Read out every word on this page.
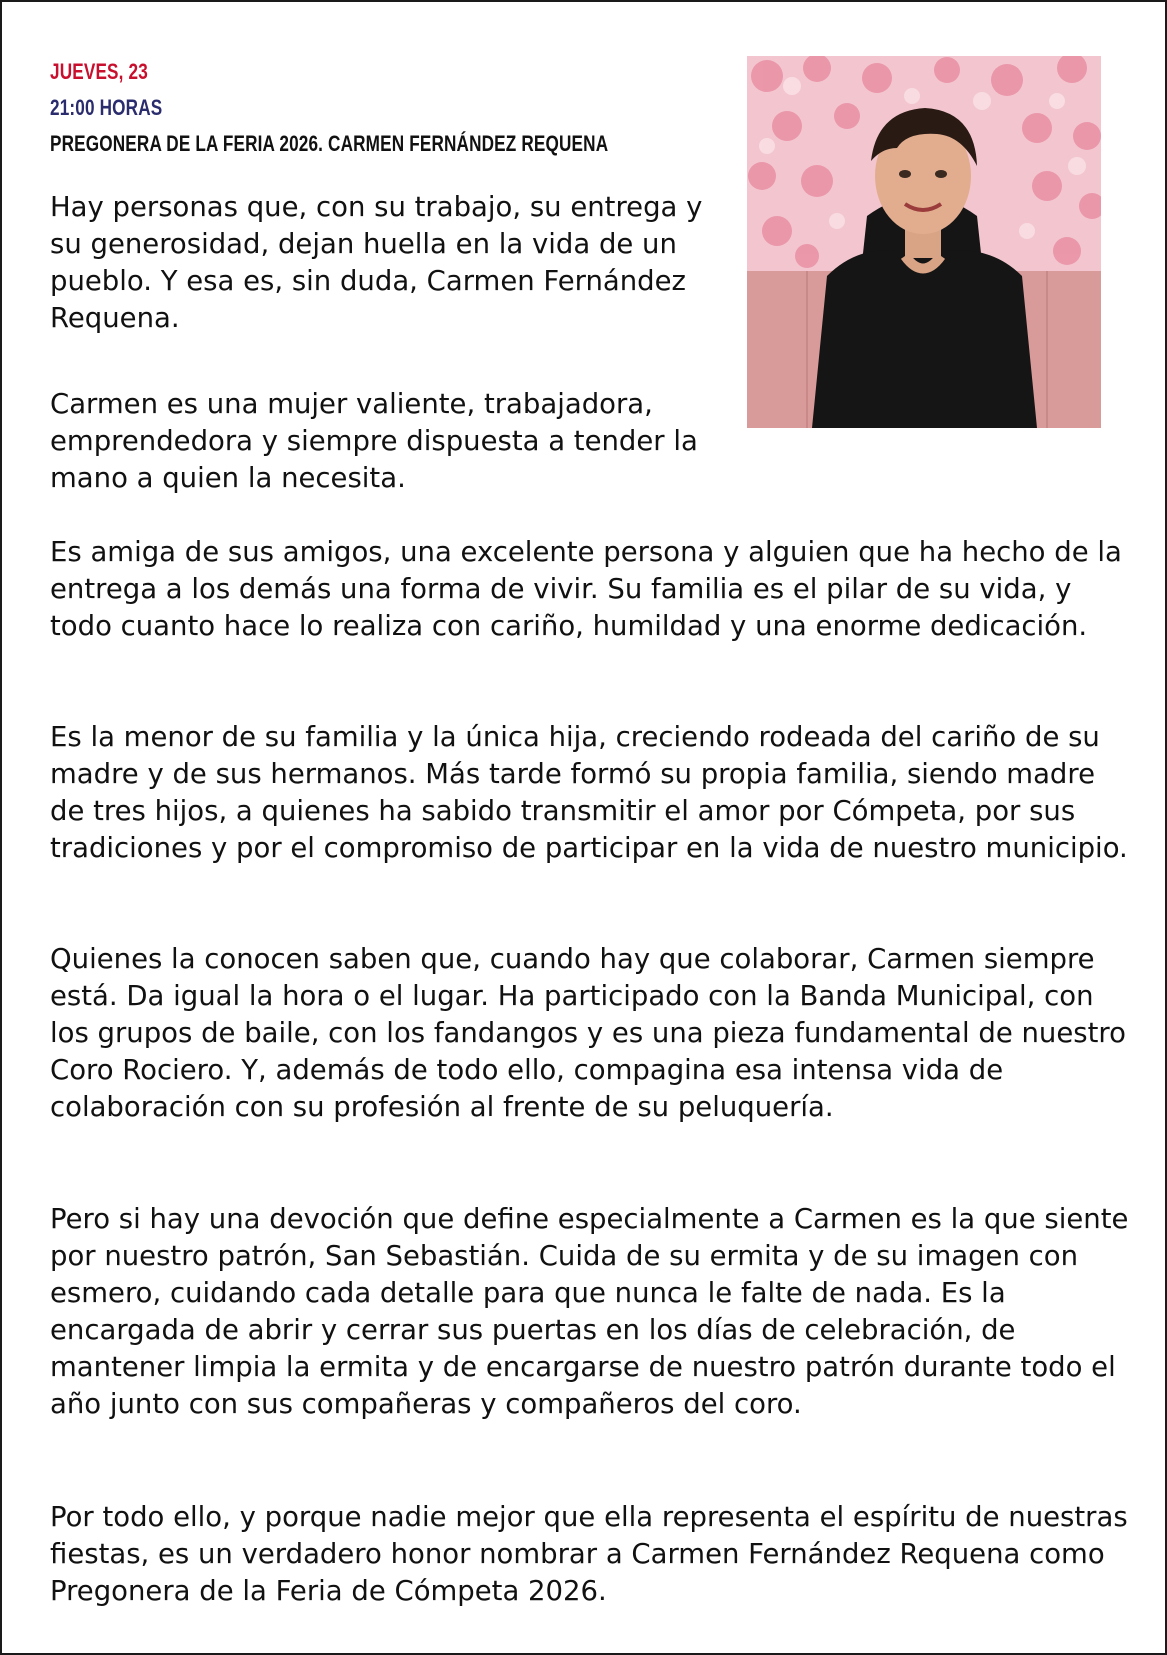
JUEVES, 23
21:00 HORAS
PREGONERA DE LA FERIA 2026. CARMEN FERNÁNDEZ REQUENA

Hay personas que, con su trabajo, su entrega y su generosidad, dejan huella en la vida de un pueblo. Y esa es, sin duda, Carmen Fernández Requena.

Carmen es una mujer valiente, trabajadora, emprendedora y siempre dispuesta a tender la mano a quien la necesita.

Es amiga de sus amigos, una excelente persona y alguien que ha hecho de la entrega a los demás una forma de vivir. Su familia es el pilar de su vida, y todo cuanto hace lo realiza con cariño, humildad y una enorme dedicación.

Es la menor de su familia y la única hija, creciendo rodeada del cariño de su madre y de sus hermanos. Más tarde formó su propia familia, siendo madre de tres hijos, a quienes ha sabido transmitir el amor por Cómpeta, por sus tradiciones y por el compromiso de participar en la vida de nuestro municipio.

Quienes la conocen saben que, cuando hay que colaborar, Carmen siempre está. Da igual la hora o el lugar. Ha participado con la Banda Municipal, con los grupos de baile, con los fandangos y es una pieza fundamental de nuestro Coro Rociero. Y, además de todo ello, compagina esa intensa vida de colaboración con su profesión al frente de su peluquería.

Pero si hay una devoción que define especialmente a Carmen es la que siente por nuestro patrón, San Sebastián. Cuida de su ermita y de su imagen con esmero, cuidando cada detalle para que nunca le falte de nada. Es la encargada de abrir y cerrar sus puertas en los días de celebración, de mantener limpia la ermita y de encargarse de nuestro patrón durante todo el año junto con sus compañeras y compañeros del coro.

Por todo ello, y porque nadie mejor que ella representa el espíritu de nuestras fiestas, es un verdadero honor nombrar a Carmen Fernández Requena como Pregonera de la Feria de Cómpeta 2026.
